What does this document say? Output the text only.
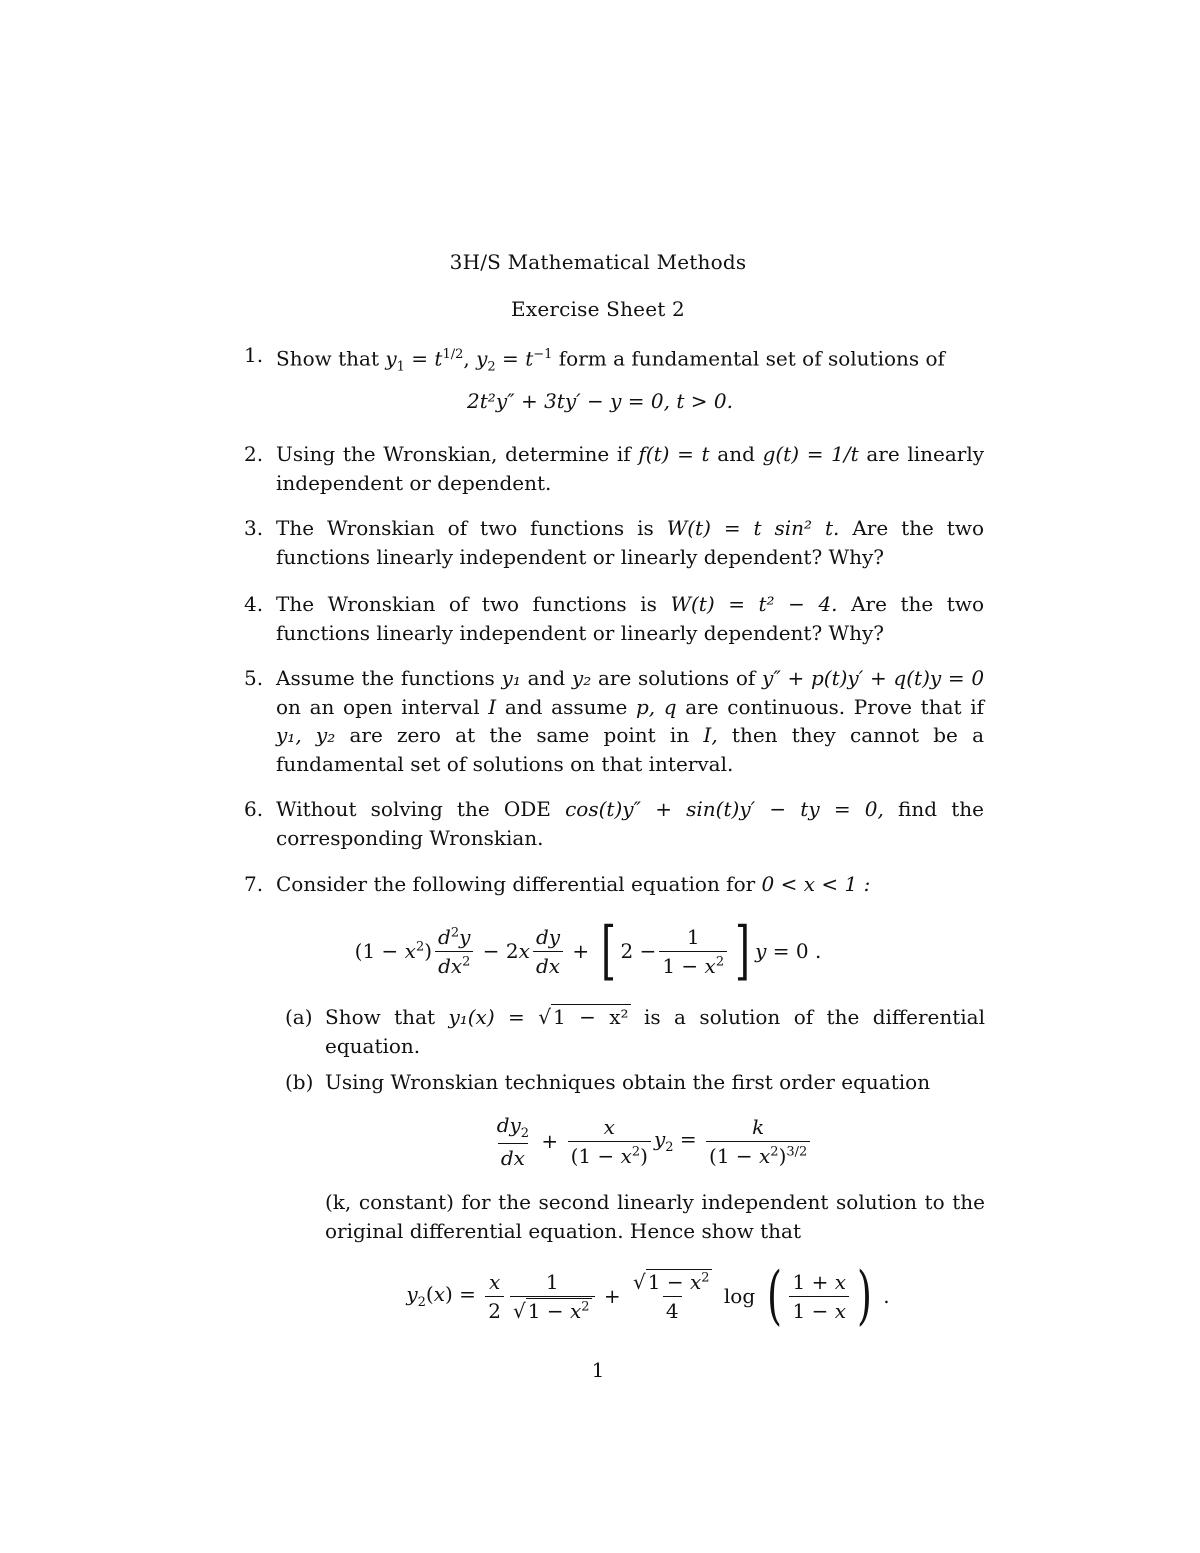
3H/S Mathematical Methods
Exercise Sheet 2
1. Show that $y_1 = t^{1/2}$, $y_2 = t^{-1}$ form a fundamental set of solutions of
2t²y″ + 3ty′ − y = 0, t > 0.
2. Using the Wronskian, determine if f(t) = t and g(t) = 1/t are linearly independent or dependent.
3. The Wronskian of two functions is W(t) = t sin² t. Are the two functions linearly independent or linearly dependent? Why?
4. The Wronskian of two functions is W(t) = t² − 4. Are the two functions linearly independent or linearly dependent? Why?
5. Assume the functions y₁ and y₂ are solutions of y″ + p(t)y′ + q(t)y = 0 on an open interval I and assume p, q are continuous. Prove that if y₁, y₂ are zero at the same point in I, then they cannot be a fundamental set of solutions on that interval.
6. Without solving the ODE cos(t)y″ + sin(t)y′ − ty = 0, find the corresponding Wronskian.
7. Consider the following differential equation for 0 < x < 1 :
$(1 - x^2) \frac{d^2y}{dx^2} - 2x \frac{dy}{dx}$ + [ $2 - \frac{1}{1 - x^2}$ ] y = 0 .
(a) Show that y₁(x) = √ 1 − x² is a solution of the differential equation.
(b) Using Wronskian techniques obtain the first order equation
$\frac{dy_2}{dx} + \frac{x}{(1 - x^2)} y_2 = \frac{k}{(1 - x^2)^{3/2}}$
(k, constant) for the second linearly independent solution to the original differential equation. Hence show that
$y_2(x) = \frac{x}{2} \frac{1}{√ 1 - x^2} + \frac{√ 1 - x^2}{4}$ log ( $\frac{1 + x}{1 - x}$ ) .
1
